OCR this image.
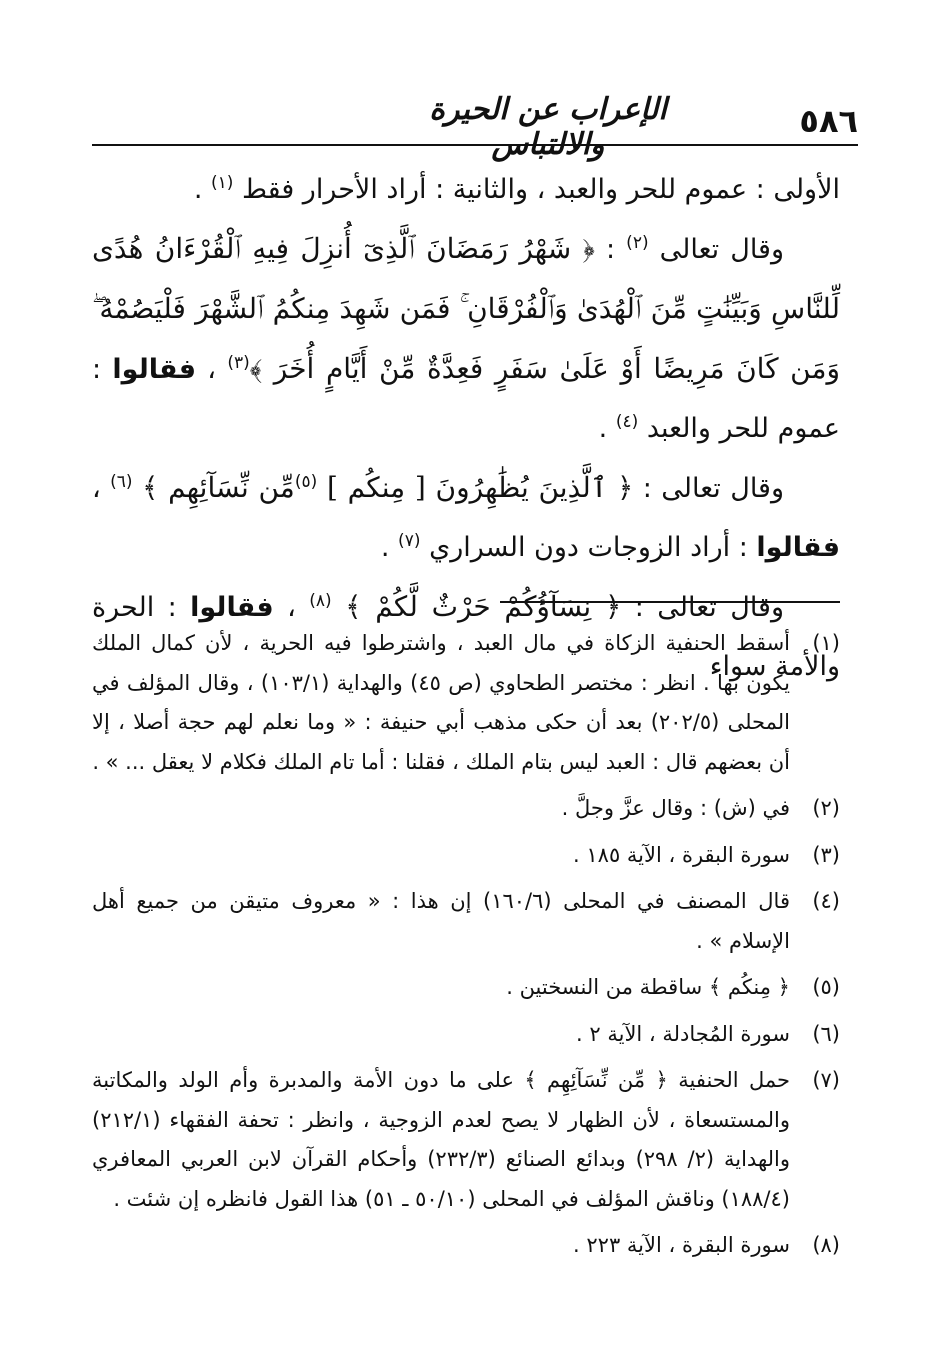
٥٨٦
الإعراب عن الحيرة والالتباس

الأولى : عموم للحر والعبد ، والثانية : أراد الأحرار فقط $^{(١)}$ .

وقال تعالى $^{(٢)}$ : ﴿ شَهْرُ رَمَضَانَ ٱلَّذِىٓ أُنزِلَ فِيهِ ٱلْقُرْءَانُ هُدًى لِّلنَّاسِ وَبَيِّنَٰتٍ مِّنَ ٱلْهُدَىٰ وَٱلْفُرْقَانِ ۚ فَمَن شَهِدَ مِنكُمُ ٱلشَّهْرَ فَلْيَصُمْهُ ۖ وَمَن كَانَ مَرِيضًا أَوْ عَلَىٰ سَفَرٍ فَعِدَّةٌ مِّنْ أَيَّامٍ أُخَرَ ﴾$^{(٣)}$ ، فقالوا : عموم للحر والعبد $^{(٤)}$ .

وقال تعالى : ﴿ ٱلَّذِينَ يُظَٰهِرُونَ [ مِنكُم ] $^{(٥)}$مِّن نِّسَآئِهِم ﴾ $^{(٦)}$ ، فقالوا : أراد الزوجات دون السراري $^{(٧)}$ .

وقال تعالى : ﴿ نِسَآؤُكُمْ حَرْثٌ لَّكُمْ ﴾ $^{(٨)}$ ، فقالوا : الحرة والأمة سواء

(١)
أسقط الحنفية الزكاة في مال العبد ، واشترطوا فيه الحرية ، لأن كمال الملك يكون بها . انظر : مختصر الطحاوي (ص ٤٥) والهداية (١٠٣/١) ، وقال المؤلف في المحلى (٢٠٢/٥) بعد أن حكى مذهب أبي حنيفة : « وما نعلم لهم حجة أصلا ، إلا أن بعضهم قال : العبد ليس بتام الملك ، فقلنا : أما تام الملك فكلام لا يعقل ... » .
(٢)
في (ش) : وقال عزَّ وجلَّ .
(٣)
سورة البقرة ، الآية ١٨٥ .
(٤)
قال المصنف في المحلى (١٦٠/٦) إن هذا : « معروف متيقن من جميع أهل الإسلام » .
(٥)
﴿ مِنكُم ﴾ ساقطة من النسختين .
(٦)
سورة المُجادلة ، الآية ٢ .
(٧)
حمل الحنفية ﴿ مِّن نِّسَآئِهِم ﴾ على ما دون الأمة والمدبرة وأم الولد والمكاتبة والمستسعاة ، لأن الظهار لا يصح لعدم الزوجية ، وانظر : تحفة الفقهاء (٢١٢/١) والهداية (٢/ ٢٩٨) وبدائع الصنائع (٢٣٢/٣) وأحكام القرآن لابن العربي المعافري (١٨٨/٤) وناقش المؤلف في المحلى (٥٠/١٠ ـ ٥١) هذا القول فانظره إن شئت .
(٨)
سورة البقرة ، الآية ٢٢٣ .
